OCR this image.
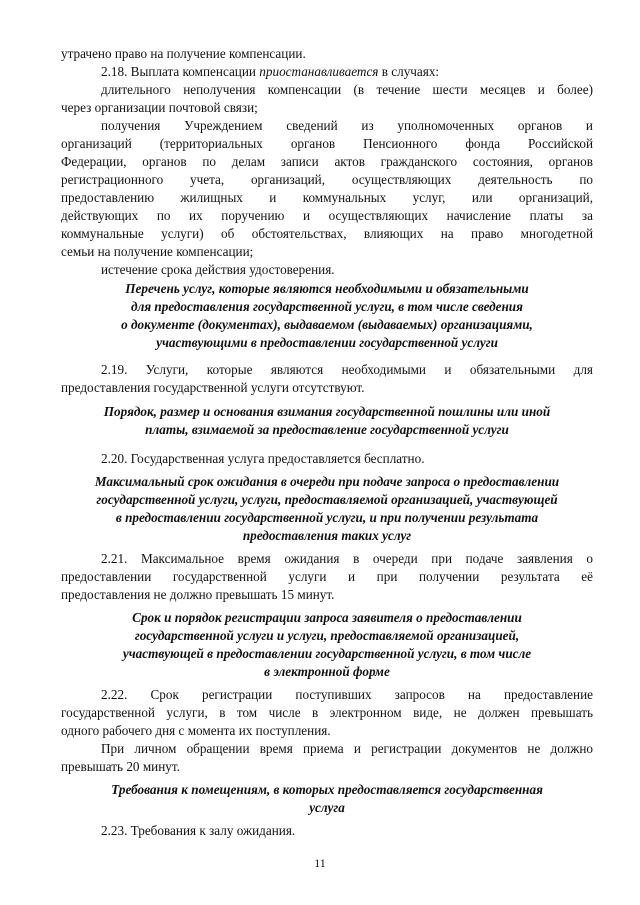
утрачено право на получение компенсации.
2.18. Выплата компенсации приостанавливается в случаях:
длительного неполучения компенсации (в течение шести месяцев и более)
через организации почтовой связи;
получения Учреждением сведений из уполномоченных органов и
организаций (территориальных органов Пенсионного фонда Российской
Федерации, органов по делам записи актов гражданского состояния, органов
регистрационного учета, организаций, осуществляющих деятельность по
предоставлению жилищных и коммунальных услуг, или организаций,
действующих по их поручению и осуществляющих начисление платы за
коммунальные услуги) об обстоятельствах, влияющих на право многодетной
семьи на получение компенсации;
истечение срока действия удостоверения.
Перечень услуг, которые являются необходимыми и обязательными
для предоставления государственной услуги, в том числе сведения
о документе (документах), выдаваемом (выдаваемых) организациями,
участвующими в предоставлении государственной услуги
2.19. Услуги, которые являются необходимыми и обязательными для
предоставления государственной услуги отсутствуют.
Порядок, размер и основания взимания государственной пошлины или иной
платы, взимаемой за предоставление государственной услуги
2.20. Государственная услуга предоставляется бесплатно.
Максимальный срок ожидания в очереди при подаче запроса о предоставлении
государственной услуги, услуги, предоставляемой организацией, участвующей
в предоставлении государственной услуги, и при получении результата
предоставления таких услуг
2.21. Максимальное время ожидания в очереди при подаче заявления о
предоставлении государственной услуги и при получении результата её
предоставления не должно превышать 15 минут.
Срок и порядок регистрации запроса заявителя о предоставлении
государственной услуги и услуги, предоставляемой организацией,
участвующей в предоставлении государственной услуги, в том числе
в электронной форме
2.22. Срок регистрации поступивших запросов на предоставление
государственной услуги, в том числе в электронном виде, не должен превышать
одного рабочего дня с момента их поступления.
При личном обращении время приема и регистрации документов не должно
превышать 20 минут.
Требования к помещениям, в которых предоставляется государственная
услуга
2.23. Требования к залу ожидания.
11
